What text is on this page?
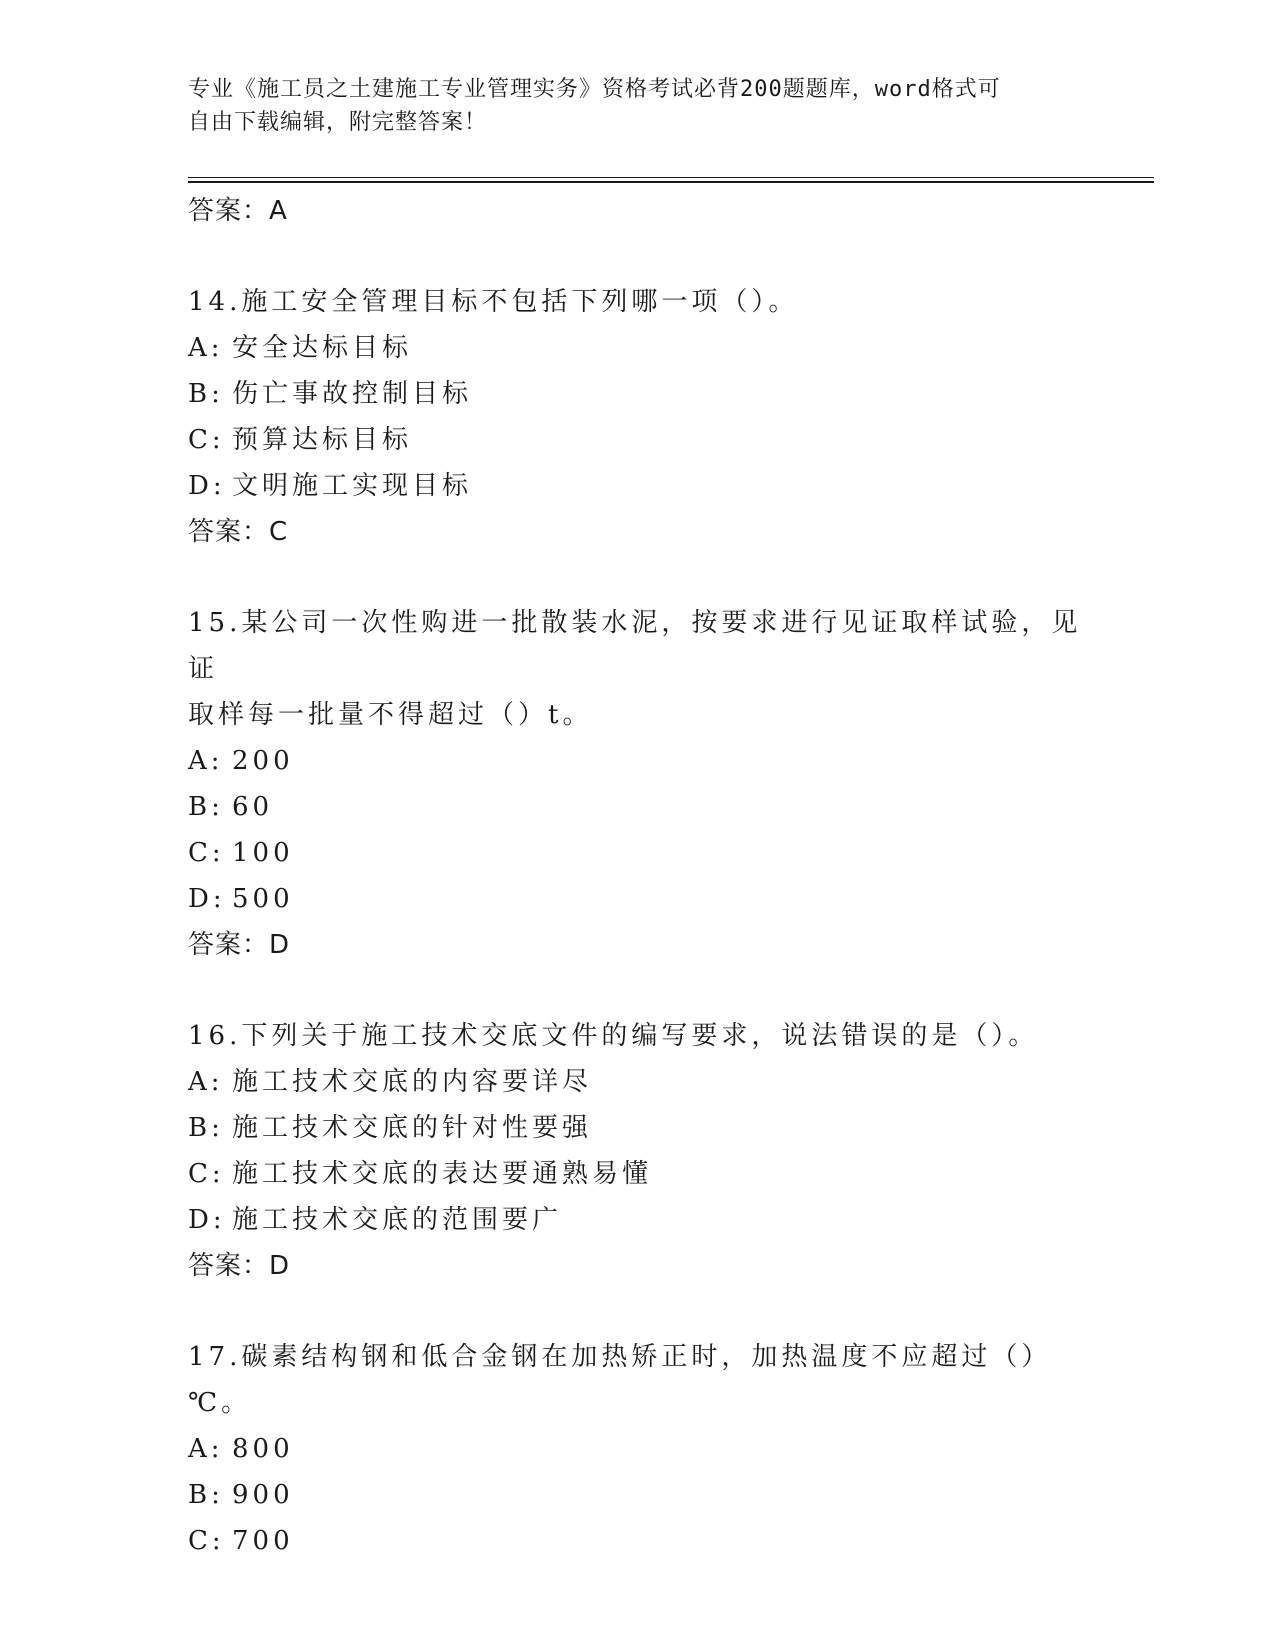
专业《施工员之土建施工专业管理实务》资格考试必背200题题库，word格式可
自由下载编辑，附完整答案！

答案：A

14.施工安全管理目标不包括下列哪一项（）。

A: 安全达标目标

B: 伤亡事故控制目标

C: 预算达标目标

D: 文明施工实现目标

答案：C

15.某公司一次性购进一批散装水泥，按要求进行见证取样试验，见证

取样每一批量不得超过（）t。

A: 200

B: 60

C: 100

D: 500

答案：D

16.下列关于施工技术交底文件的编写要求，说法错误的是（）。

A: 施工技术交底的内容要详尽

B: 施工技术交底的针对性要强

C: 施工技术交底的表达要通熟易懂

D: 施工技术交底的范围要广

答案：D

17.碳素结构钢和低合金钢在加热矫正时，加热温度不应超过（）℃。

A: 800

B: 900

C: 700
